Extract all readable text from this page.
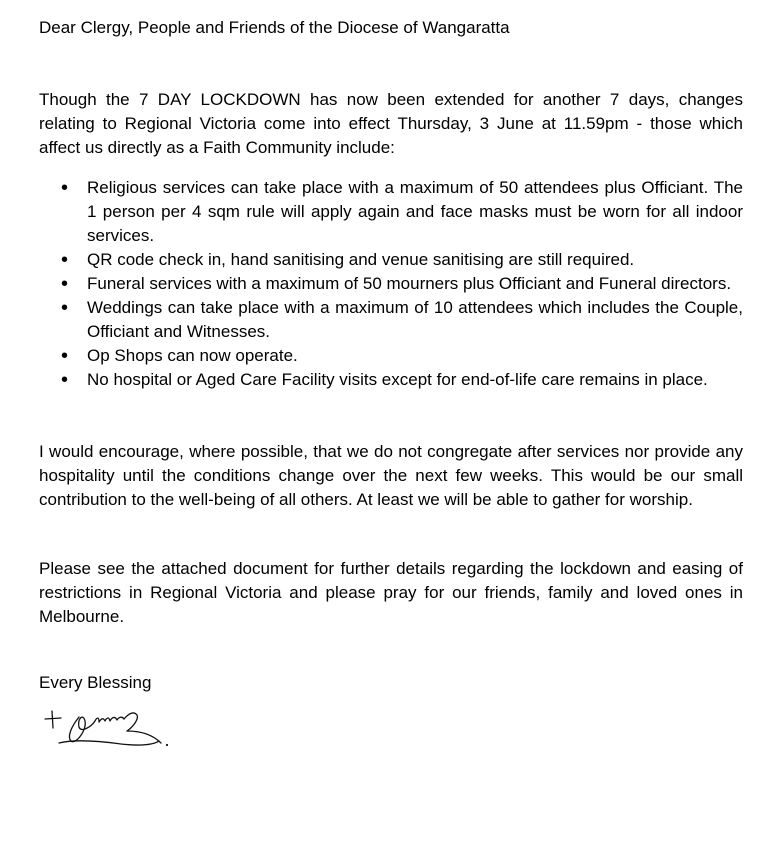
Dear Clergy, People and Friends of the Diocese of Wangaratta

Though the 7 DAY LOCKDOWN has now been extended for another 7 days, changes relating to Regional Victoria come into effect Thursday, 3 June at 11.59pm - those which affect us directly as a Faith Community include:

• Religious services can take place with a maximum of 50 attendees plus Officiant. The 1 person per 4 sqm rule will apply again and face masks must be worn for all indoor services.
• QR code check in, hand sanitising and venue sanitising are still required.
• Funeral services with a maximum of 50 mourners plus Officiant and Funeral directors.
• Weddings can take place with a maximum of 10 attendees which includes the Couple, Officiant and Witnesses.
• Op Shops can now operate.
• No hospital or Aged Care Facility visits except for end-of-life care remains in place.

I would encourage, where possible, that we do not congregate after services nor provide any hospitality until the conditions change over the next few weeks. This would be our small contribution to the well-being of all others. At least we will be able to gather for worship.

Please see the attached document for further details regarding the lockdown and easing of restrictions in Regional Victoria and please pray for our friends, family and loved ones in Melbourne.

Every Blessing
